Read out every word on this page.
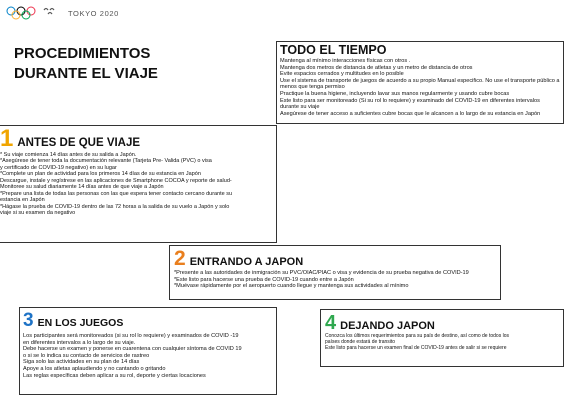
TOKYO 2020
PROCEDIMIENTOS
DURANTE EL VIAJE
TODO EL TIEMPO
Mantenga al mínimo interacciones físicas con otros .
Mantenga dos metros de distancia de atletas y un metro de distancia de otros
Evite espacios cerrados y multitudes en lo posible
Use el sistema de transporte de juegos de acuerdo a su propio Manual especifico. No use el transporte público a menos que tenga permiso
Practique la buena higiene, incluyendo lavar sus manos regularmente y usando cubre bocas
Este listo para ser monitoreado (Si su rol lo requiere) y examinado del COVID-19 en diferentes intervalos durante su viaje
Asegúrese de tener acceso a suficientes cubre bocas que le alcancen a lo largo de su estancia en Japón
1 ANTES DE QUE VIAJE
* Su viaje comienza 14 días antes de su salida a Japón.
*Asegúrese de tener toda la documentación relevante (Tarjeta Pre- Valida (PVC) o visa
y certificado de COVID-19 negativo) en su lugar
*Complete un plan de actividad para los primeros 14 días de su estancia en Japón
Descargue, instale y regístrese en las aplicaciones de Smartphone COCOA y reporte de salud-
Monitoree su salud diariamente 14 días antes de que viaje a Japón
*Prepare una lista de todas las personas con las que espera tener contacto cercano durante su
estancia en Japón
*Hágase la prueba de COVID-19 dentro de las 72 horas a la salida de su vuelo a Japón y solo
viaje si su examen da negativo
2 ENTRANDO A JAPON
*Presente a las autoridades de inmigración su PVC/OIAC/PIAC o visa y evidencia de su prueba negativa de COVID-19
*Este listo para hacerse una prueba de COVID-19 cuando entre a Japón
*Muévase rápidamente por el aeropuerto cuando llegue y mantenga sus actividades al mínimo
3 EN LOS JUEGOS
Los participantes será monitoreados (si su rol lo requiere) y examinados de COVID -19
en diferentes intervalos a lo largo de su viaje.
Debe hacerse un examen y ponerse en cuarentena con cualquier síntoma de COVID 19
o si se lo indica su contacto de servicios de rastreo
Siga solo las actividades en su plan de 14 días
Apoye a los atletas aplaudiendo y no cantando o gritando
Las reglas específicas deben aplicar a su rol, deporte y ciertas locaciones
4 DEJANDO JAPON
Conozca los últimos requerimientos para su país de destino, así como de todos los
países donde estará de transito
Este listo para hacerse un examen final de COVID-19 antes de salir si se requiere
